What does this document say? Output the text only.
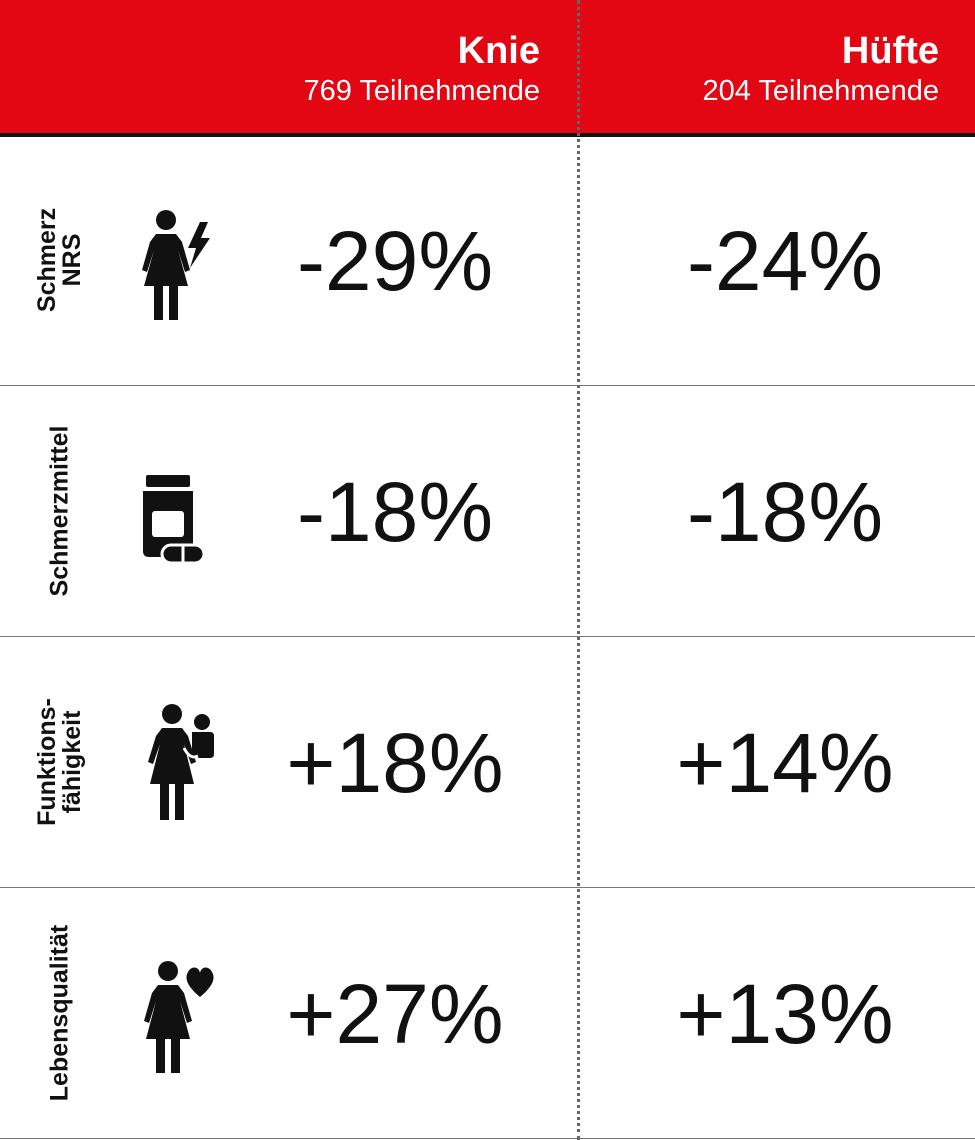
Knie
769 Teilnehmende
Hüfte
204 Teilnehmende
Schmerz
NRS	-29%	-24%
Schmerzmittel	-18%	-18%
Funktions-
fähigkeit	+18%	+14%
Lebensqualität	+27%	+13%
